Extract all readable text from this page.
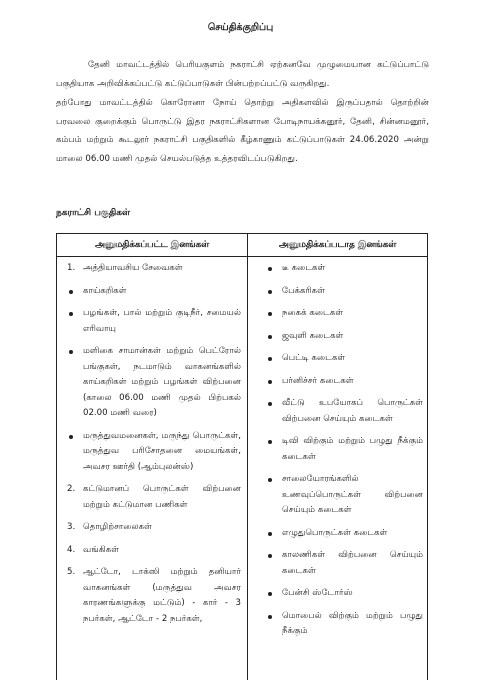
செய்திக்குறிப்பு

தேனி மாவட்டத்தில் பெரியகுளம் நகராட்சி ஏற்கனவே முழுமையான கட்டுப்பாட்டு பகுதியாக அறிவிக்கப்பட்டு கட்டுப்பாடுகள் பின்பற்றப்பட்டு வருகிறது.

தற்போது மாவட்டத்தில் கொரோனா நோய் தொற்று அதிகளவில் இருப்பதால் தொற்றின் பரவலை குறைக்கும் பொருட்டு இதர நகராட்சிகளான போடிநாயக்கனூர், தேனி, சின்னமனூர், கம்பம் மற்றும் கூடலூர் நகராட்சி பகுதிகளில் கீழ்காணும் கட்டுப்பாடுகள் 24.06.2020 அன்று மாலை 06.00 மணி முதல் செயல்படுத்த உத்தரவிடப்படுகிறது.

நகராட்சி பகுதிகள்
அனுமதிக்கப்பட்ட இனங்கள்
1. அத்தியாவசிய சேவைகள்
காய்கறிகள்
பழங்கள், பால் மற்றும் குடிநீர், சமையல் எரிவாயு
மளிகை சாமான்கள் மற்றும் பெட்ரோல் பங்குகள், நடமாடும் வாகனங்களில் காய்கறிகள் மற்றும் பழங்கள் விற்பனை (காலை 06.00 மணி முதல் பிற்பகல் 02.00 மணி வரை)
மருத்துவமனைகள், மருந்து பொருட்கள், மருத்துவ பரிசோதனை மையங்கள், அவசர ஊர்தி (ஆம்புலன்ஸ்)
2. கட்டுமானப் பொருட்கள் விற்பனை மற்றும் கட்டுமான பணிகள்
3. தொழிற்சாலைகள்
4. வங்கிகள்
5. ஆட்டோ, டாக்ஸி மற்றும் தனியார் வாகனங்கள் (மருத்துவ அவசர காரணங்களுக்கு மட்டும்) - கார் - 3 நபர்கள், ஆட்டோ - 2 நபர்கள்,
அனுமதிக்கப்படாத இனங்கள்
டீ கடைகள்
பேக்கரிகள்
நகைக் கடைகள்
ஜவுளி கடைகள்
பெட்டி கடைகள்
பர்னிச்சர் கடைகள்
வீட்டு உபயோகப் பொருட்கள் விற்பனை செய்யும் கடைகள்
டிவி விற்கும் மற்றும் பழுது நீக்கும் கடைகள்
சாலையோரங்களில் உணவுப்பொருட்கள் விற்பனை செய்யும் கடைகள்
எழுதுபொருட்கள் கடைகள்
காலணிகள் விற்பனை செய்யும் கடைகள்
பேன்சி ஸ்டோர்ஸ்
மொபைல் விற்கும் மற்றும் பழுது நீக்கும்
